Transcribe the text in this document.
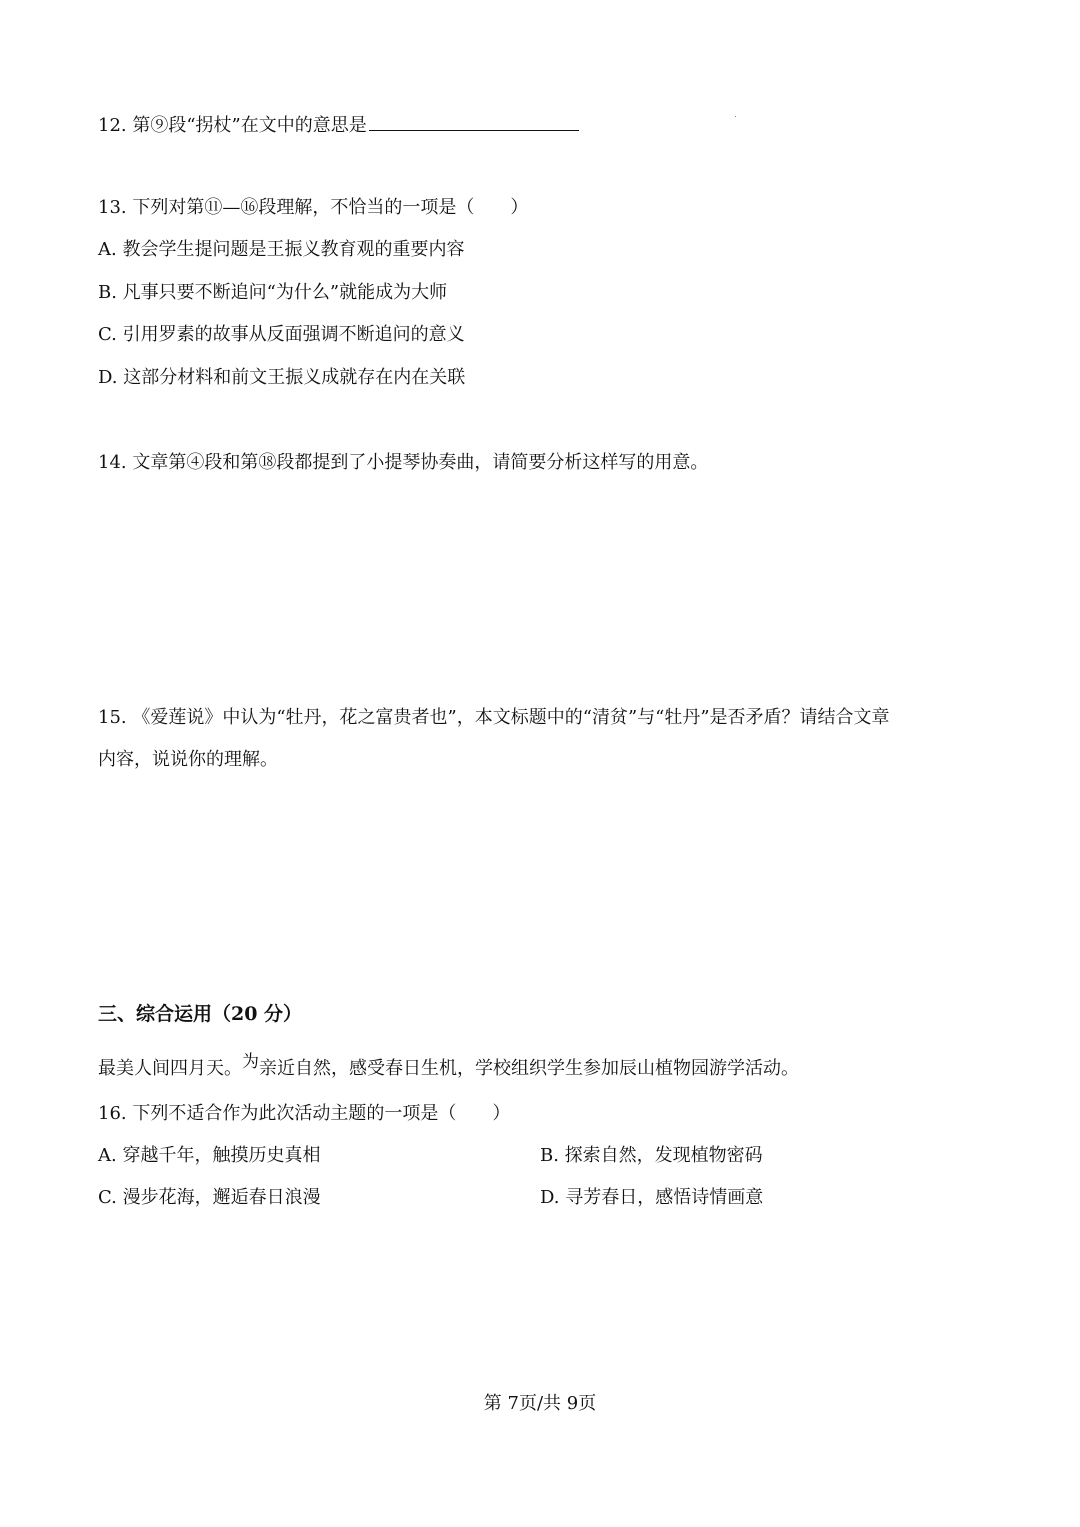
12. 第⑨段“拐杖”在文中的意思是
13. 下列对第⑪—⑯段理解，不恰当的一项是（　　）
A. 教会学生提问题是王振义教育观的重要内容
B. 凡事只要不断追问“为什么”就能成为大师
C. 引用罗素的故事从反面强调不断追问的意义
D. 这部分材料和前文王振义成就存在内在关联
14. 文章第④段和第⑱段都提到了小提琴协奏曲，请简要分析这样写的用意。
15. 《爱莲说》中认为“牡丹，花之富贵者也”，本文标题中的“清贫”与“牡丹”是否矛盾？请结合文章
内容，说说你的理解。
三、综合运用（20 分）
最美人间四月天。为亲近自然，感受春日生机，学校组织学生参加辰山植物园游学活动。
16. 下列不适合作为此次活动主题的一项是（　　）
A. 穿越千年，触摸历史真相	B. 探索自然，发现植物密码
C. 漫步花海，邂逅春日浪漫	D. 寻芳春日，感悟诗情画意
第 7页/共 9页
